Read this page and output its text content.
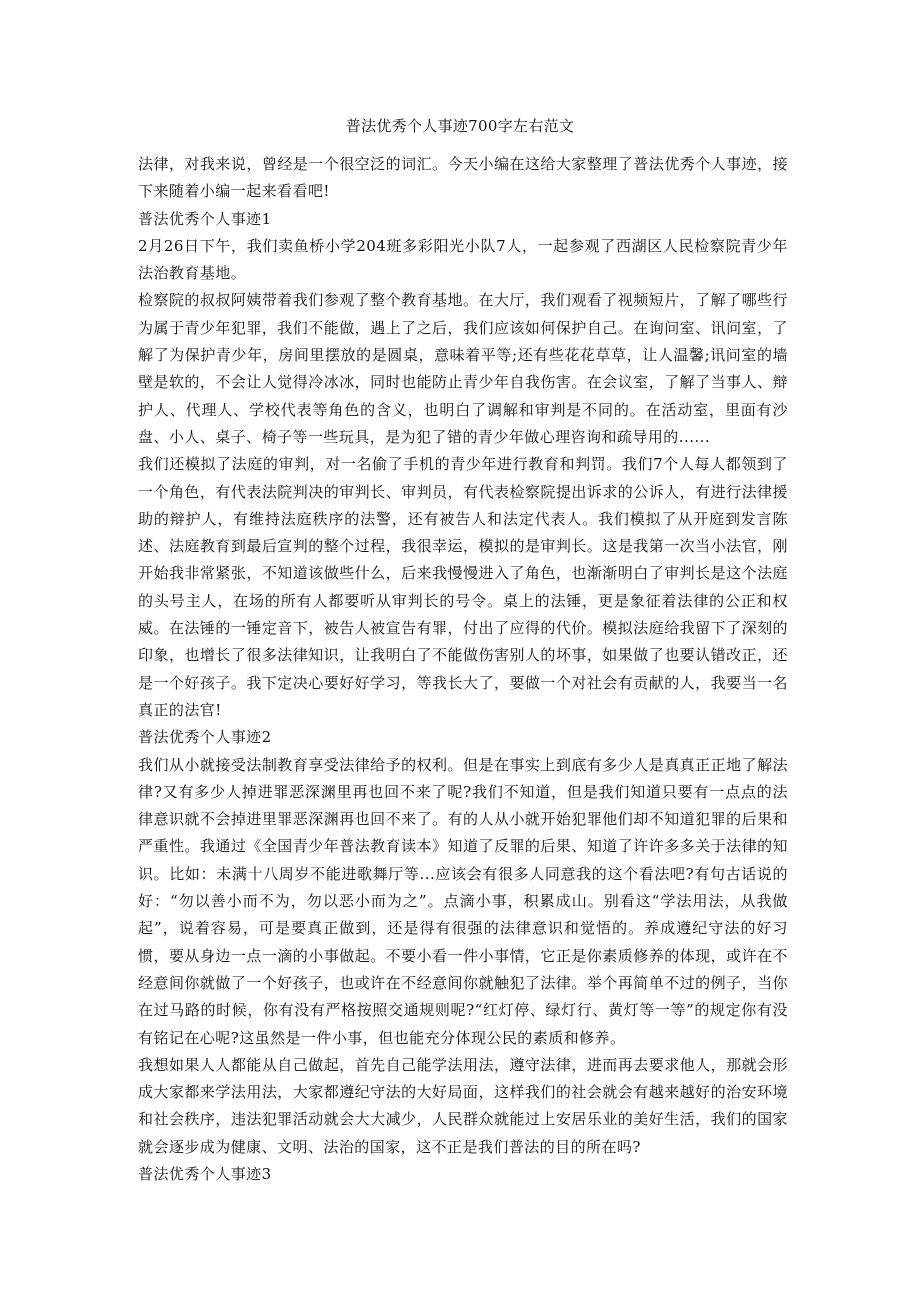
普法优秀个人事迹700字左右范文

法律，对我来说，曾经是一个很空泛的词汇。今天小编在这给大家整理了普法优秀个人事迹，接下来随着小编一起来看看吧!

普法优秀个人事迹1

2月26日下午，我们卖鱼桥小学204班多彩阳光小队7人，一起参观了西湖区人民检察院青少年法治教育基地。

检察院的叔叔阿姨带着我们参观了整个教育基地。在大厅，我们观看了视频短片，了解了哪些行为属于青少年犯罪，我们不能做，遇上了之后，我们应该如何保护自己。在询问室、讯问室，了解了为保护青少年，房间里摆放的是圆桌，意味着平等;还有些花花草草，让人温馨;讯问室的墙壁是软的，不会让人觉得冷冰冰，同时也能防止青少年自我伤害。在会议室，了解了当事人、辩护人、代理人、学校代表等角色的含义，也明白了调解和审判是不同的。在活动室，里面有沙盘、小人、桌子、椅子等一些玩具，是为犯了错的青少年做心理咨询和疏导用的......

我们还模拟了法庭的审判，对一名偷了手机的青少年进行教育和判罚。我们7个人每人都领到了一个角色，有代表法院判决的审判长、审判员，有代表检察院提出诉求的公诉人，有进行法律援助的辩护人，有维持法庭秩序的法警，还有被告人和法定代表人。我们模拟了从开庭到发言陈述、法庭教育到最后宣判的整个过程，我很幸运，模拟的是审判长。这是我第一次当小法官，刚开始我非常紧张，不知道该做些什么，后来我慢慢进入了角色，也渐渐明白了审判长是这个法庭的头号主人，在场的所有人都要听从审判长的号令。桌上的法锤，更是象征着法律的公正和权威。在法锤的一锤定音下，被告人被宣告有罪，付出了应得的代价。模拟法庭给我留下了深刻的印象，也增长了很多法律知识，让我明白了不能做伤害别人的坏事，如果做了也要认错改正，还是一个好孩子。我下定决心要好好学习，等我长大了，要做一个对社会有贡献的人，我要当一名真正的法官!

普法优秀个人事迹2

我们从小就接受法制教育享受法律给予的权利。但是在事实上到底有多少人是真真正正地了解法律?又有多少人掉进罪恶深渊里再也回不来了呢?我们不知道，但是我们知道只要有一点点的法律意识就不会掉进里罪恶深渊再也回不来了。有的人从小就开始犯罪他们却不知道犯罪的后果和严重性。我通过《全国青少年普法教育读本》知道了反罪的后果、知道了许许多多关于法律的知识。比如：未满十八周岁不能进歌舞厅等...应该会有很多人同意我的这个看法吧?有句古话说的好：“勿以善小而不为，勿以恶小而为之”。点滴小事，积累成山。别看这“学法用法，从我做起”，说着容易，可是要真正做到，还是得有很强的法律意识和觉悟的。养成遵纪守法的好习惯，要从身边一点一滴的小事做起。不要小看一件小事情，它正是你素质修养的体现，或许在不经意间你就做了一个好孩子，也或许在不经意间你就触犯了法律。举个再简单不过的例子，当你在过马路的时候，你有没有严格按照交通规则呢?“红灯停、绿灯行、黄灯等一等”的规定你有没有铭记在心呢?这虽然是一件小事，但也能充分体现公民的素质和修养。

我想如果人人都能从自己做起，首先自己能学法用法，遵守法律，进而再去要求他人，那就会形成大家都来学法用法，大家都遵纪守法的大好局面，这样我们的社会就会有越来越好的治安环境和社会秩序，违法犯罪活动就会大大减少，人民群众就能过上安居乐业的美好生活，我们的国家就会逐步成为健康、文明、法治的国家，这不正是我们普法的目的所在吗?

普法优秀个人事迹3
